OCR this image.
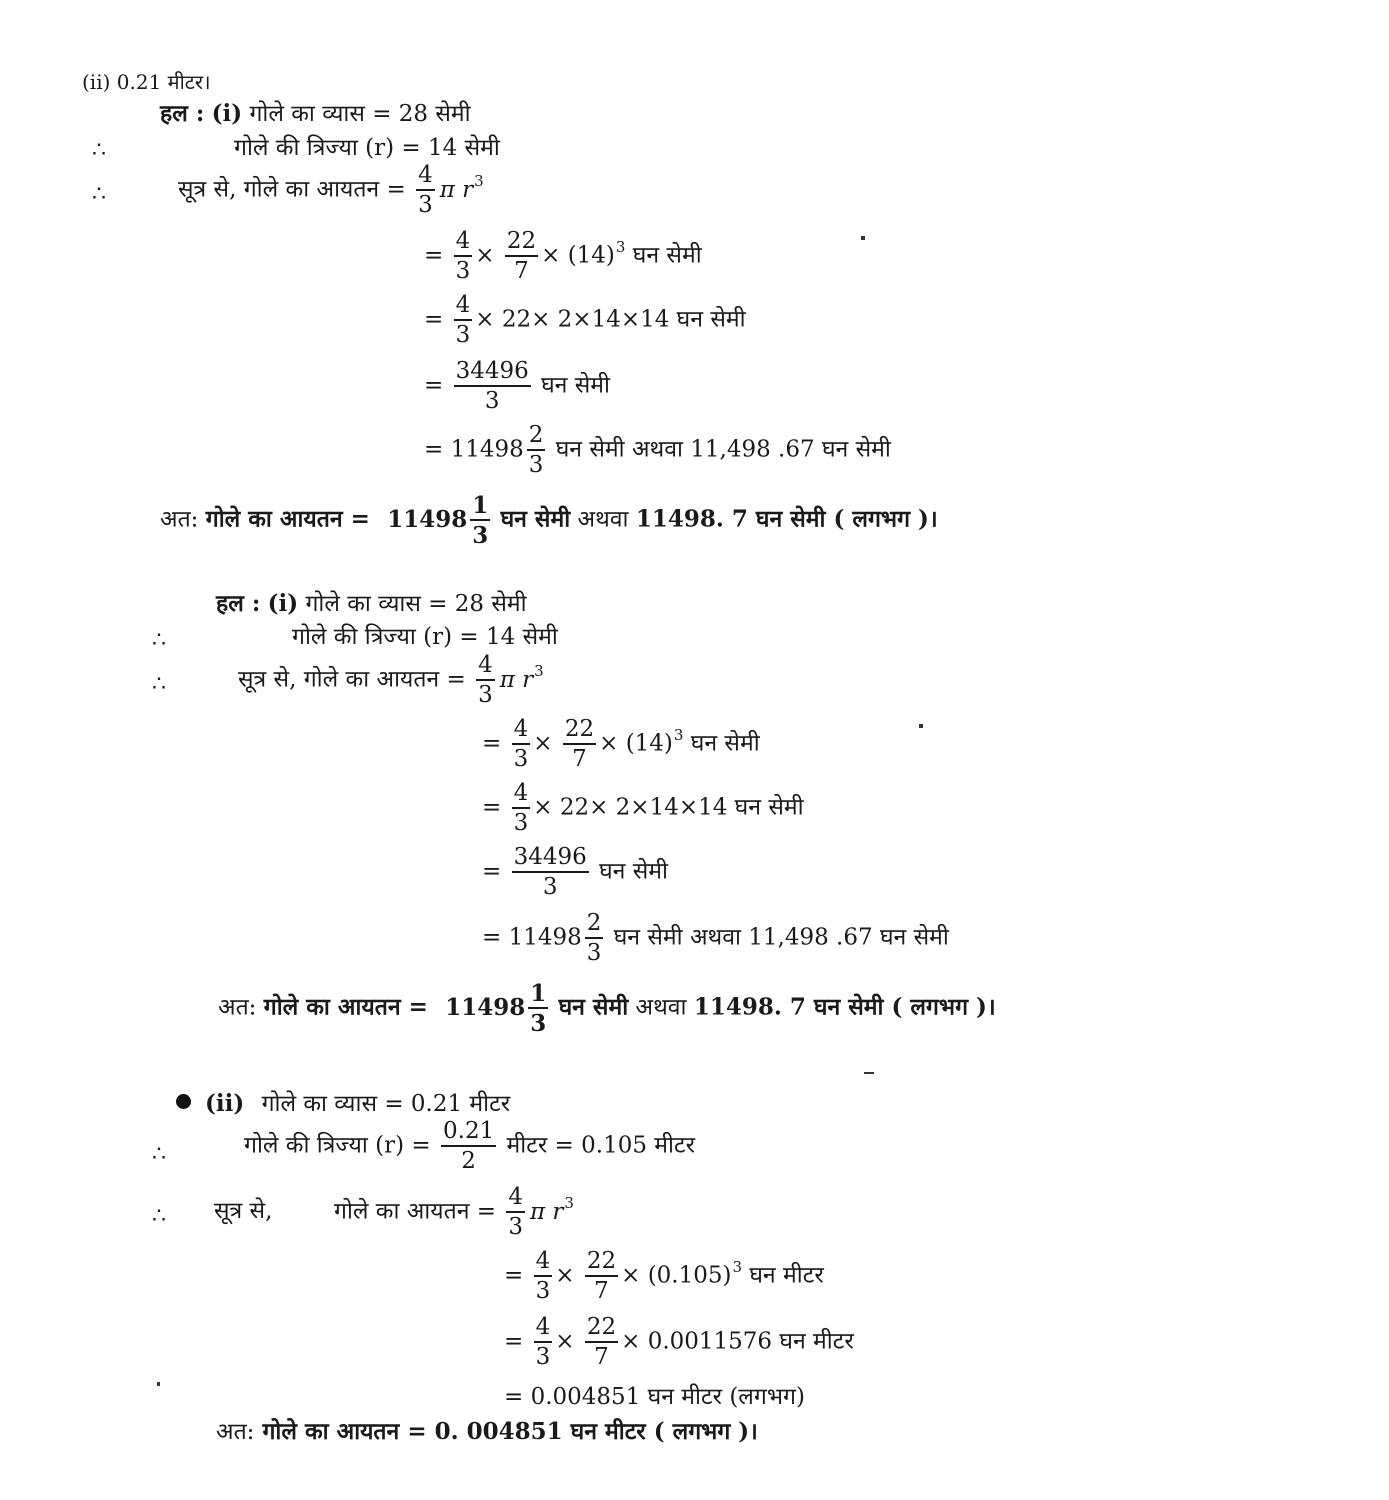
(ii) 0.21 मीटर।
हल : (i) गोले का व्यास = 28 सेमी
∴	गोले की त्रिज्या (r) = 14 सेमी
∴	सूत्र से, गोले का आयतन = $\frac{4}{3}$ π $r^3$
= $\frac{4}{3} \times \frac{22}{7} \times (14)^3$ घन सेमी
= $\frac{4}{3} \times 22\times 2\times 14\times 14$ घन सेमी
= $\frac{34496}{3}$ घन सेमी
= $11498 \frac{2}{3}$ घन सेमी अथवा 11,498 .67 घन सेमी
अत: गोले का आयतन = $11498 \frac{1}{3}$ घन सेमी अथवा 11498. 7 घन सेमी ( लगभग )।
हल : (i) गोले का व्यास = 28 सेमी
∴	गोले की त्रिज्या (r) = 14 सेमी
∴	सूत्र से, गोले का आयतन = $\frac{4}{3}$ π $r^3$
= $\frac{4}{3} \times \frac{22}{7} \times (14)^3$ घन सेमी
= $\frac{4}{3} \times 22\times 2\times 14\times 14$ घन सेमी
= $\frac{34496}{3}$ घन सेमी
= $11498 \frac{2}{3}$ घन सेमी अथवा 11,498 .67 घन सेमी
अत: गोले का आयतन = $11498 \frac{1}{3}$ घन सेमी अथवा 11498. 7 घन सेमी ( लगभग )।
(ii) गोले का व्यास = 0.21 मीटर
∴	गोले की त्रिज्या $(r) = \frac{0.21}{2}$ मीटर = 0.105 मीटर
∴ सूत्र से,	गोले का आयतन = $\frac{4}{3}$ π $r^3$
= $\frac{4}{3} \times \frac{22}{7} \times (0.105)^3$ घन मीटर
= $\frac{4}{3} \times \frac{22}{7} \times 0.0011576$ घन मीटर
= 0.004851 घन मीटर (लगभग)
अत: गोले का आयतन = 0. 004851 घन मीटर ( लगभग )।
